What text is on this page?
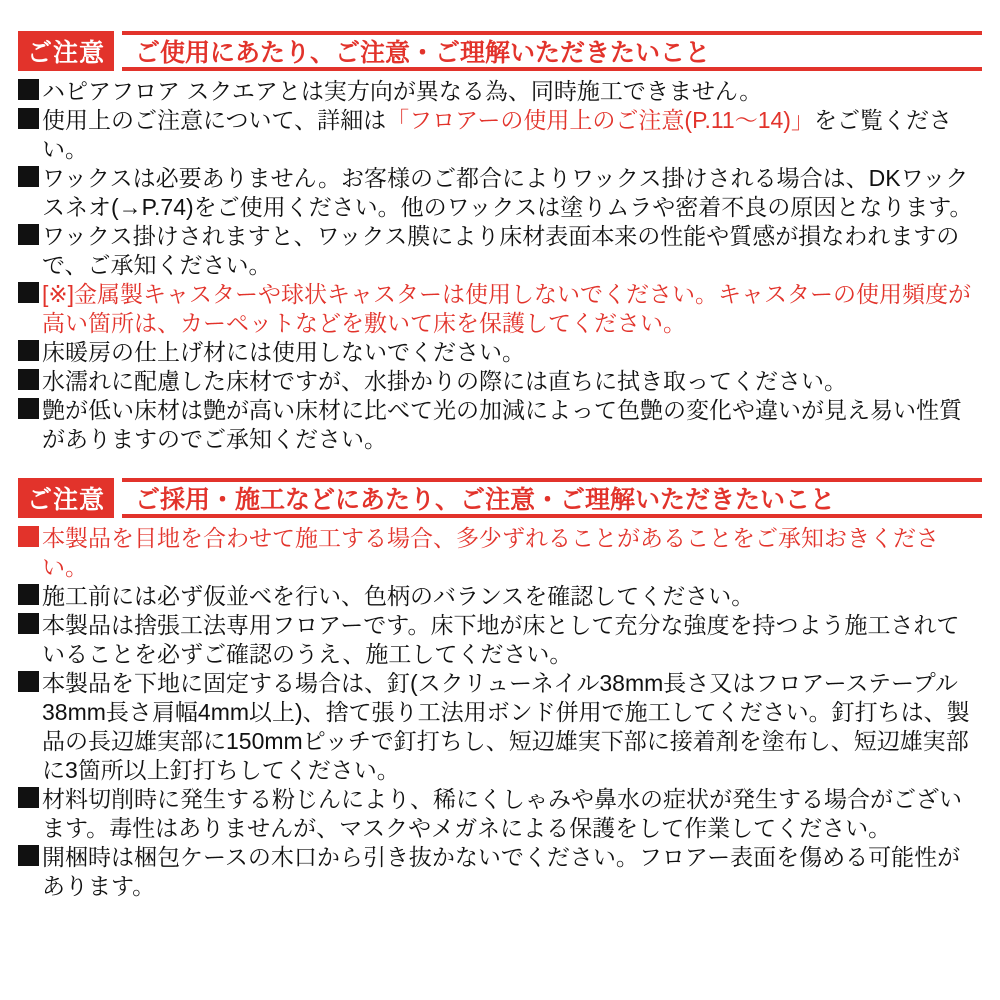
ご注意	ご使用にあたり、ご注意・ご理解いただきたいこと
ハピアフロア スクエアとは実方向が異なる為、同時施工できません。
使用上のご注意について、詳細は「フロアーの使用上のご注意(P.11〜14)」をご覧ください。
ワックスは必要ありません。お客様のご都合によりワックス掛けされる場合は、DKワックスネオ(→P.74)をご使用ください。他のワックスは塗りムラや密着不良の原因となります。
ワックス掛けされますと、ワックス膜により床材表面本来の性能や質感が損なわれますので、ご承知ください。
[※]金属製キャスターや球状キャスターは使用しないでください。キャスターの使用頻度が高い箇所は、カーペットなどを敷いて床を保護してください。
床暖房の仕上げ材には使用しないでください。
水濡れに配慮した床材ですが、水掛かりの際には直ちに拭き取ってください。
艶が低い床材は艶が高い床材に比べて光の加減によって色艶の変化や違いが見え易い性質がありますのでご承知ください。
ご注意	ご採用・施工などにあたり、ご注意・ご理解いただきたいこと
本製品を目地を合わせて施工する場合、多少ずれることがあることをご承知おきください。
施工前には必ず仮並べを行い、色柄のバランスを確認してください。
本製品は捨張工法専用フロアーです。床下地が床として充分な強度を持つよう施工されていることを必ずご確認のうえ、施工してください。
本製品を下地に固定する場合は、釘(スクリューネイル38mm長さ又はフロアーステープル38mm長さ肩幅4mm以上)、捨て張り工法用ボンド併用で施工してください。釘打ちは、製品の長辺雄実部に150mmピッチで釘打ちし、短辺雄実下部に接着剤を塗布し、短辺雄実部に3箇所以上釘打ちしてください。
材料切削時に発生する粉じんにより、稀にくしゃみや鼻水の症状が発生する場合がございます。毒性はありませんが、マスクやメガネによる保護をして作業してください。
開梱時は梱包ケースの木口から引き抜かないでください。フロアー表面を傷める可能性があります。
